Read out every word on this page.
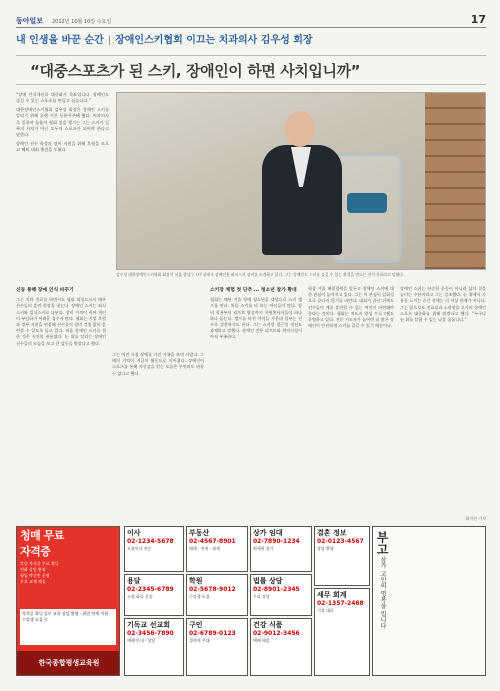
동아일보 2012년 10월 10일 수요일	17
내 인생을 바꾼 순간 | 장애인스키협회 이끄는 치과의사 김우성 회장
“대중스포츠가 된 스키, 장애인이 하면 사치입니까”

“장애 인식개선과 대중화가 목표입니다. 장애인도 즐길 수 있는 스포츠를 만들고 싶습니다.”

대한장애인스키협회 김우성 회장은 장애인 스키를 알리기 위해 오랜 시간 동분서주해 왔다. 치과의사로 일하며 틈틈이 협회 일을 챙기는 그는 스키가 일부의 사치가 아닌 모두의 스포츠가 되어야 한다고 말한다.

장애인 선수 육성과 장비 지원을 위해 후원을 모으고 해외 대회 출전을 도왔다.

김우성 대한장애인스키협회 회장이 서울 강남구 사무실에서 장애인용 좌식스키 장비를 소개하고 있다. 그는 장애인도 스키를 즐길 수 있는 환경을 만드는 것이 목표라고 말했다.
신동 통해 장애 인식 바꾸기

그는 치과 진료를 하면서도 협회 회장으로서 매주 선수들의 훈련 현장을 찾는다. 장애인 스키는 좌식스키와 입식스키로 나뉜다. 장비 가격이 비싸 개인이 부담하기 어려운 경우가 많다. 협회는 기업 후원과 정부 지원을 연결해 선수들이 장비 걱정 없이 훈련할 수 있도록 돕고 있다. 처음 장애인 스키를 접한 것은 지인의 권유였다. 눈 위를 달리는 장애인 선수들의 모습을 보고 큰 감동을 받았다고 했다.

그는 어린 시절 장애를 가진 가족을 보며 자랐다. 그때의 기억이 지금의 활동으로 이어졌다. 장애인이 스포츠를 통해 자신감을 얻는 모습은 무엇과도 바꿀 수 없다고 했다.

스키장 체험 첫 단추 ... 청소년 참가 확대

협회는 매년 겨울 장애 청소년을 대상으로 스키 캠프를 연다. 처음 스키를 타 보는 아이들이 많다. 장비 착용부터 리프트 탑승까지 자원봉사자들이 하나하나 돕는다. 캠프를 마친 아이들 가운데 일부는 선수로 성장하기도 한다. 그는 스키장 접근성 개선도 과제라고 말했다. 장애인 전용 리프트와 편의시설이 아직 부족하다.

평창 겨울 패럴림픽을 앞두고 장애인 스키에 대한 관심이 높아지고 있다. 그는 이 관심이 일회성으로 끝나지 않기를 바란다. 대회가 끝난 뒤에도 선수들이 계속 훈련할 수 있는 여건이 마련돼야 한다는 것이다. 협회는 지도자 양성 프로그램도 운영하고 있다. 전문 지도자가 늘어야 더 많은 장애인이 안전하게 스키를 즐길 수 있기 때문이다.

장애인 스키는 단순한 운동이 아니라 삶의 질을 높이는 수단이라고 그는 강조했다. 눈 위에서 자유를 느끼는 순간 장애는 더 이상 한계가 아니다. 그는 앞으로도 진료실과 스키장을 오가며 장애인 스포츠 대중화를 위해 뛰겠다고 했다. “누구나 눈 위를 달릴 수 있는 날을 꿈꿉니다.”

최지연 기자
청매 무료
자격증
각종 자격증 무료 취득
전화 상담 환영
평일 야간반 운영
무료 교재 제공
자격증 취득 실무 교육 상담 환영 · 취업 연계 지원 · 수강생 모집 중
한국종합평생교육원
이사
02-1234-5678
포장이사 전문
용달
02-2345-6789
소형 화물 운송
기독교 선교회
02-3456-7890
예배 안내 · 상담
부동산
02-4567-8901
매매 · 전세 · 월세
학원
02-5678-9012
수강생 모집
구인
02-6789-0123
경력자 우대
상가 임대
02-7890-1234
역세권 상가
법률 상담
02-8901-2345
무료 상담
건강 식품
02-9012-3456
택배 배송
결혼 정보
02-0123-4567
상담 환영
세무 회계
02-1357-2468
기장 대리
부고 삼가 고인의 명복을 빕니다
